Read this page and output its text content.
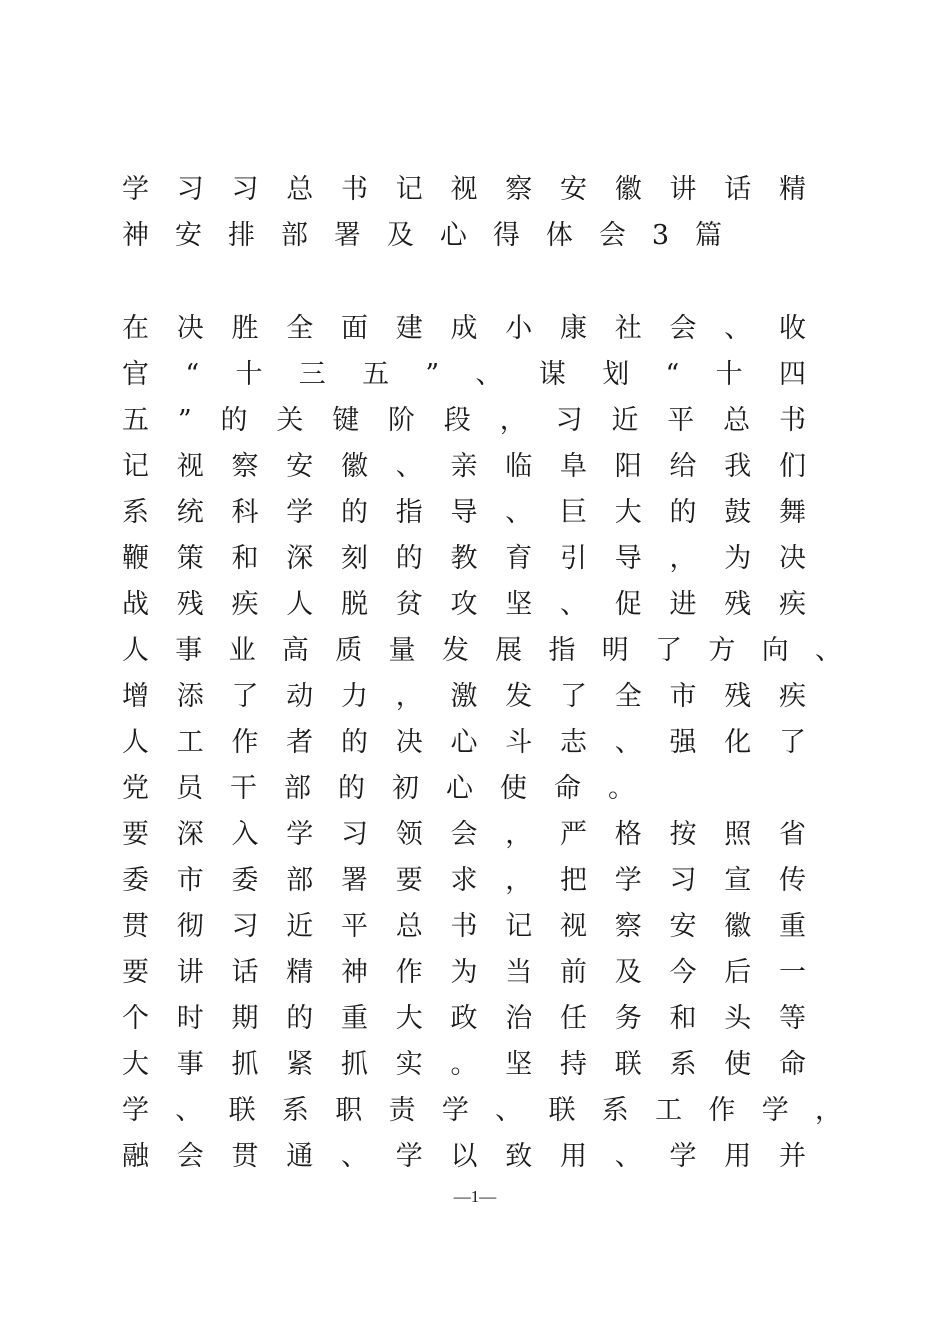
学习习总书记视察安徽讲话精
神安排部署及心得体会3篇
在决胜全面建成小康社会、收
官“十三五”、谋划“十四
五”的关键阶段，习近平总书
记视察安徽、亲临阜阳给我们
系统科学的指导、巨大的鼓舞
鞭策和深刻的教育引导，为决
战残疾人脱贫攻坚、促进残疾
人事业高质量发展指明了方向、
增添了动力，激发了全市残疾
人工作者的决心斗志、强化了
党员干部的初心使命。
要深入学习领会，严格按照省
委市委部署要求，把学习宣传
贯彻习近平总书记视察安徽重
要讲话精神作为当前及今后一
个时期的重大政治任务和头等
大事抓紧抓实。坚持联系使命
学、联系职责学、联系工作学，
融会贯通、学以致用、学用并
—1—
